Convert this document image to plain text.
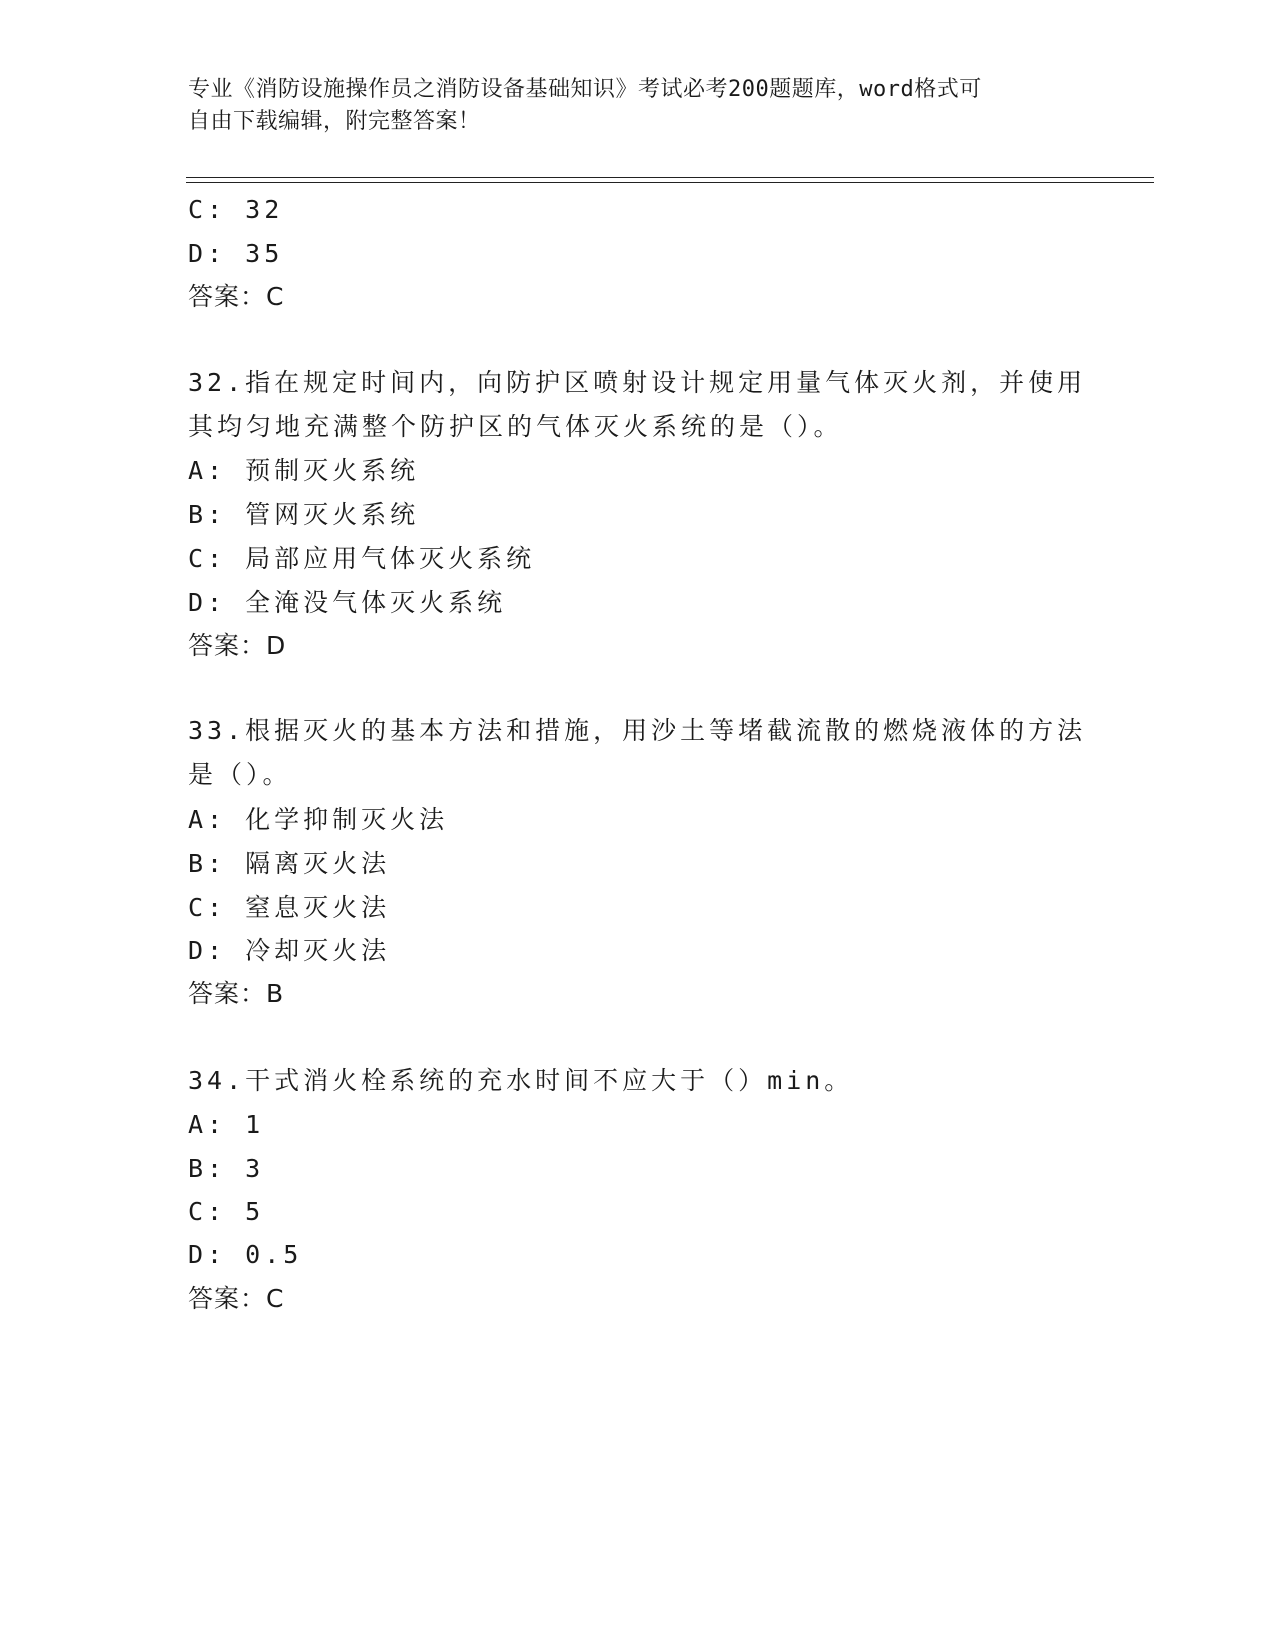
专业《消防设施操作员之消防设备基础知识》考试必考200题题库，word格式可
自由下载编辑，附完整答案！
C: 32
D: 35
答案：C
32.指在规定时间内，向防护区喷射设计规定用量气体灭火剂，并使用
其均匀地充满整个防护区的气体灭火系统的是（）。
A: 预制灭火系统
B: 管网灭火系统
C: 局部应用气体灭火系统
D: 全淹没气体灭火系统
答案：D
33.根据灭火的基本方法和措施，用沙土等堵截流散的燃烧液体的方法
是（）。
A: 化学抑制灭火法
B: 隔离灭火法
C: 窒息灭火法
D: 冷却灭火法
答案：B
34.干式消火栓系统的充水时间不应大于（）min。
A: 1
B: 3
C: 5
D: 0.5
答案：C
